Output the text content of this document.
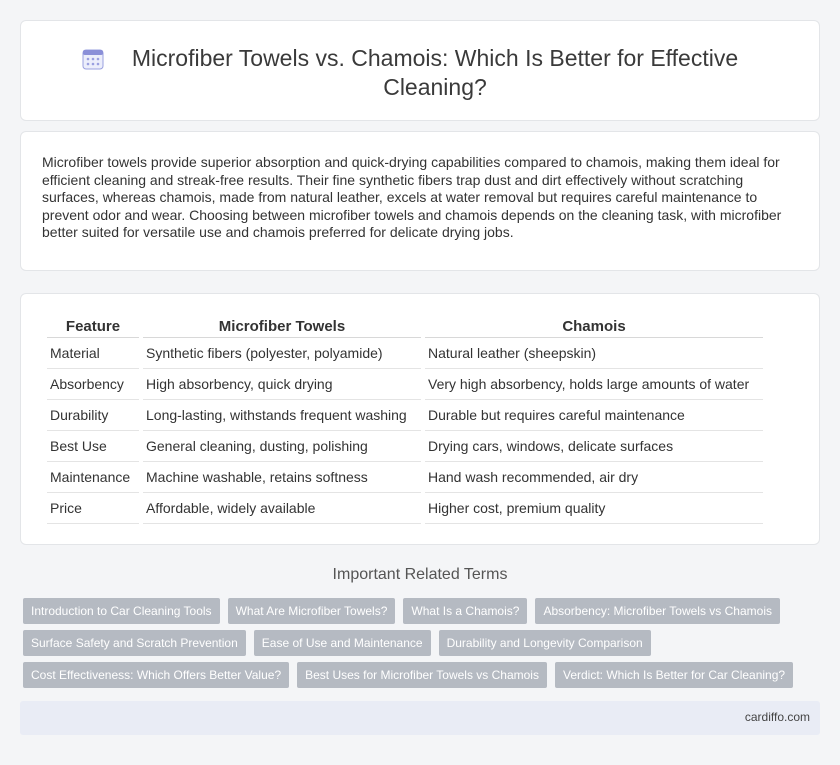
Microfiber Towels vs. Chamois: Which Is Better for Effective Cleaning?

Microfiber towels provide superior absorption and quick-drying capabilities compared to chamois, making them ideal for efficient cleaning and streak-free results. Their fine synthetic fibers trap dust and dirt effectively without scratching surfaces, whereas chamois, made from natural leather, excels at water removal but requires careful maintenance to prevent odor and wear. Choosing between microfiber towels and chamois depends on the cleaning task, with microfiber better suited for versatile use and chamois preferred for delicate drying jobs.

Feature	Microfiber Towels	Chamois
Material	Synthetic fibers (polyester, polyamide)	Natural leather (sheepskin)
Absorbency	High absorbency, quick drying	Very high absorbency, holds large amounts of water
Durability	Long-lasting, withstands frequent washing	Durable but requires careful maintenance
Best Use	General cleaning, dusting, polishing	Drying cars, windows, delicate surfaces
Maintenance	Machine washable, retains softness	Hand wash recommended, air dry
Price	Affordable, widely available	Higher cost, premium quality
Important Related Terms
Introduction to Car Cleaning Tools	What Are Microfiber Towels?	What Is a Chamois?	Absorbency: Microfiber Towels vs Chamois
Surface Safety and Scratch Prevention	Ease of Use and Maintenance	Durability and Longevity Comparison
Cost Effectiveness: Which Offers Better Value?	Best Uses for Microfiber Towels vs Chamois	Verdict: Which Is Better for Car Cleaning?
cardiffo.com
